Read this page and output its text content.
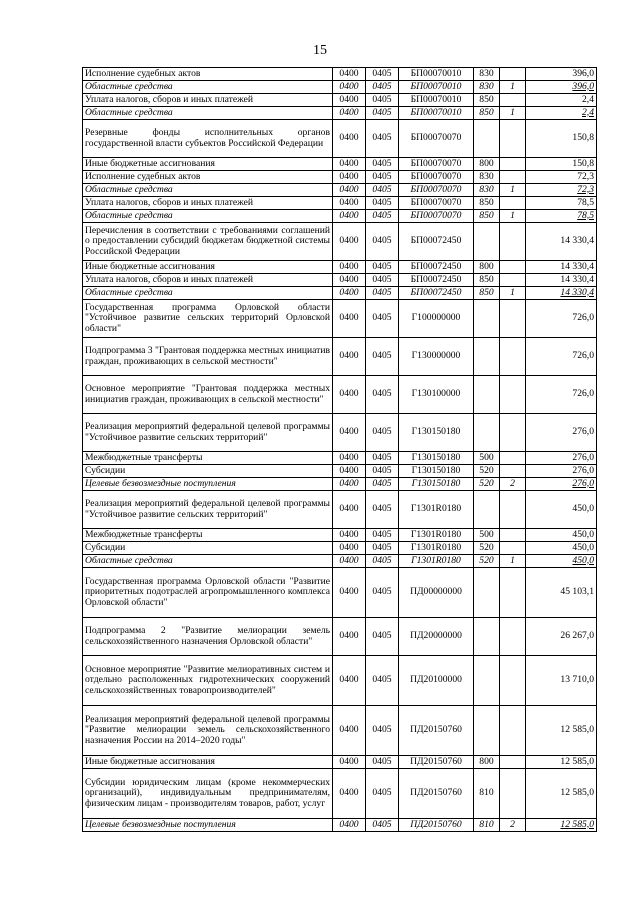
15
Исполнение судебных актов	0400	0405	БП00070010	830		396,0
Областные средства	0400	0405	БП00070010	830	1	396,0
Уплата налогов, сборов и иных платежей	0400	0405	БП00070010	850		2,4
Областные средства	0400	0405	БП00070010	850	1	2,4
Резервные фонды исполнительных органов государственной власти субъектов Российской Федерации	0400	0405	БП00070070			150,8
Иные бюджетные ассигнования	0400	0405	БП00070070	800		150,8
Исполнение судебных актов	0400	0405	БП00070070	830		72,3
Областные средства	0400	0405	БП00070070	830	1	72,3
Уплата налогов, сборов и иных платежей	0400	0405	БП00070070	850		78,5
Областные средства	0400	0405	БП00070070	850	1	78,5
Перечисления в соответствии с требованиями соглашений о предоставлении субсидий бюджетам бюджетной системы Российской Федерации	0400	0405	БП00072450			14 330,4
Иные бюджетные ассигнования	0400	0405	БП00072450	800		14 330,4
Уплата налогов, сборов и иных платежей	0400	0405	БП00072450	850		14 330,4
Областные средства	0400	0405	БП00072450	850	1	14 330,4
Государственная программа Орловской области "Устойчивое развитие сельских территорий Орловской области"	0400	0405	Г100000000			726,0
Подпрограмма 3 "Грантовая поддержка местных инициатив граждан, проживающих в сельской местности"	0400	0405	Г130000000			726,0
Основное мероприятие "Грантовая поддержка местных инициатив граждан, проживающих в сельской местности"	0400	0405	Г130100000			726,0
Реализация мероприятий федеральной целевой программы "Устойчивое развитие сельских территорий"	0400	0405	Г130150180			276,0
Межбюджетные трансферты	0400	0405	Г130150180	500		276,0
Субсидии	0400	0405	Г130150180	520		276,0
Целевые безвозмездные поступления	0400	0405	Г130150180	520	2	276,0
Реализация мероприятий федеральной целевой программы "Устойчивое развитие сельских территорий"	0400	0405	Г1301R0180			450,0
Межбюджетные трансферты	0400	0405	Г1301R0180	500		450,0
Субсидии	0400	0405	Г1301R0180	520		450,0
Областные средства	0400	0405	Г1301R0180	520	1	450,0
Государственная программа Орловской области "Развитие приоритетных подотраслей агропромышленного комплекса Орловской области"	0400	0405	ПД00000000			45 103,1
Подпрограмма 2 "Развитие мелиорации земель сельскохозяйственного назначения Орловской области"	0400	0405	ПД20000000			26 267,0
Основное мероприятие "Развитие мелиоративных систем и отдельно расположенных гидротехнических сооружений сельскохозяйственных товаропроизводителей"	0400	0405	ПД20100000			13 710,0
Реализация мероприятий федеральной целевой программы "Развитие мелиорации земель сельскохозяйственного назначения России на 2014–2020 годы"	0400	0405	ПД20150760			12 585,0
Иные бюджетные ассигнования	0400	0405	ПД20150760	800		12 585,0
Субсидии юридическим лицам (кроме некоммерческих организаций), индивидуальным предпринимателям, физическим лицам - производителям товаров, работ, услуг	0400	0405	ПД20150760	810		12 585,0
Целевые безвозмездные поступления	0400	0405	ПД20150760	810	2	12 585,0
